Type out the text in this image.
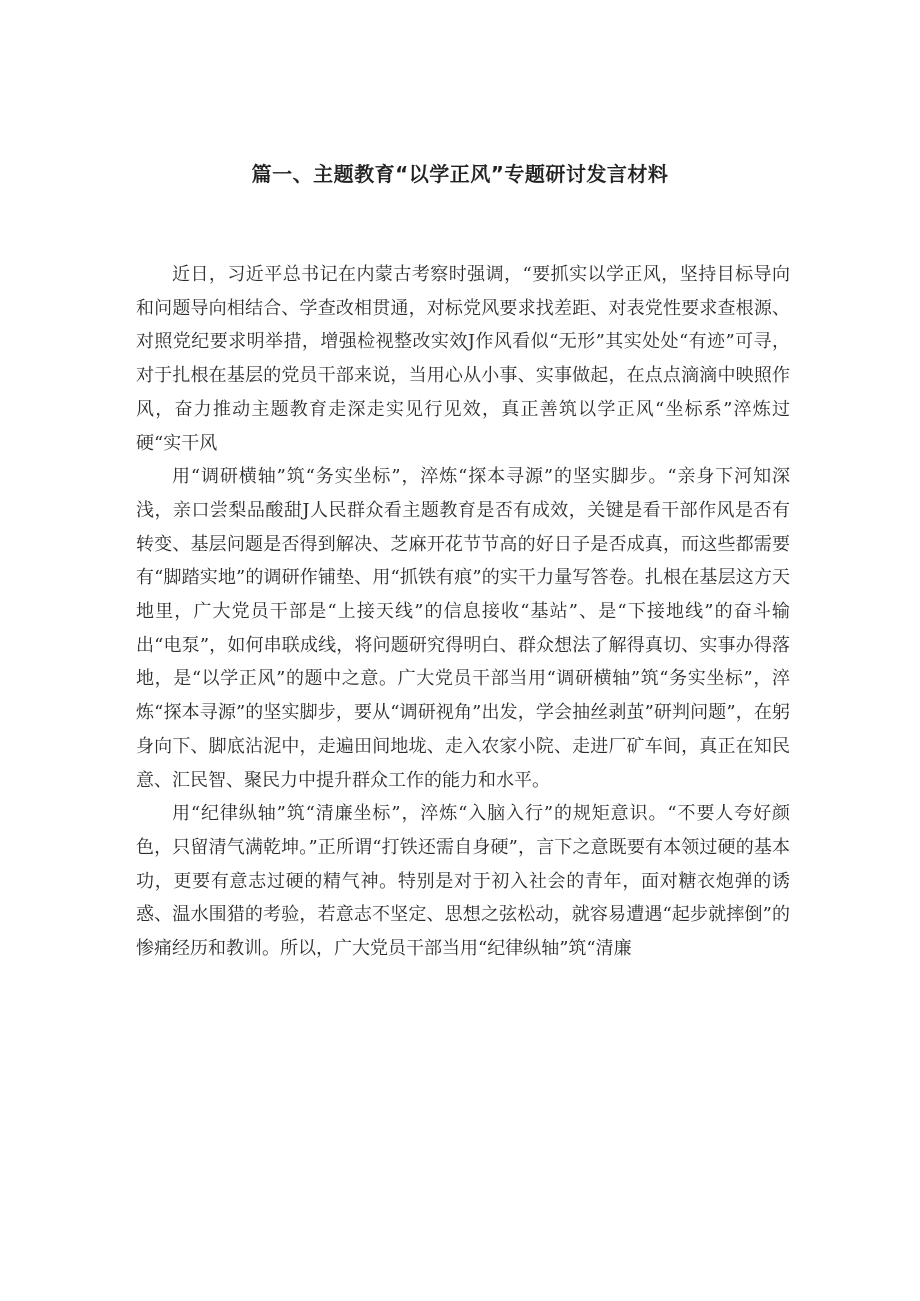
篇一、主题教育“以学正风”专题研讨发言材料

近日，习近平总书记在内蒙古考察时强调，“要抓实以学正风，坚持目标导向和问题导向相结合、学查改相贯通，对标党风要求找差距、对表党性要求查根源、对照党纪要求明举措，增强检视整改实效J作风看似“无形”其实处处“有迹”可寻，对于扎根在基层的党员干部来说，当用心从小事、实事做起，在点点滴滴中映照作风，奋力推动主题教育走深走实见行见效，真正善筑以学正风“坐标系”淬炼过硬“实干风

用“调研横轴”筑“务实坐标”，淬炼“探本寻源”的坚实脚步。“亲身下河知深浅，亲口尝梨品酸甜J人民群众看主题教育是否有成效，关键是看干部作风是否有转变、基层问题是否得到解决、芝麻开花节节高的好日子是否成真，而这些都需要有“脚踏实地”的调研作铺垫、用“抓铁有痕”的实干力量写答卷。扎根在基层这方天地里，广大党员干部是“上接天线”的信息接收“基站”、是“下接地线”的奋斗输出“电泵”，如何串联成线，将问题研究得明白、群众想法了解得真切、实事办得落地，是“以学正风”的题中之意。广大党员干部当用“调研横轴”筑“务实坐标”，淬炼“探本寻源”的坚实脚步，要从“调研视角”出发，学会抽丝剥茧”研判问题”，在躬身向下、脚底沾泥中，走遍田间地垅、走入农家小院、走进厂矿车间，真正在知民意、汇民智、聚民力中提升群众工作的能力和水平。

用“纪律纵轴”筑“清廉坐标”，淬炼“入脑入行”的规矩意识。“不要人夸好颜色，只留清气满乾坤。”正所谓“打铁还需自身硬”，言下之意既要有本领过硬的基本功，更要有意志过硬的精气神。特别是对于初入社会的青年，面对糖衣炮弹的诱惑、温水围猎的考验，若意志不坚定、思想之弦松动，就容易遭遇“起步就摔倒”的惨痛经历和教训。所以，广大党员干部当用“纪律纵轴”筑“清廉
